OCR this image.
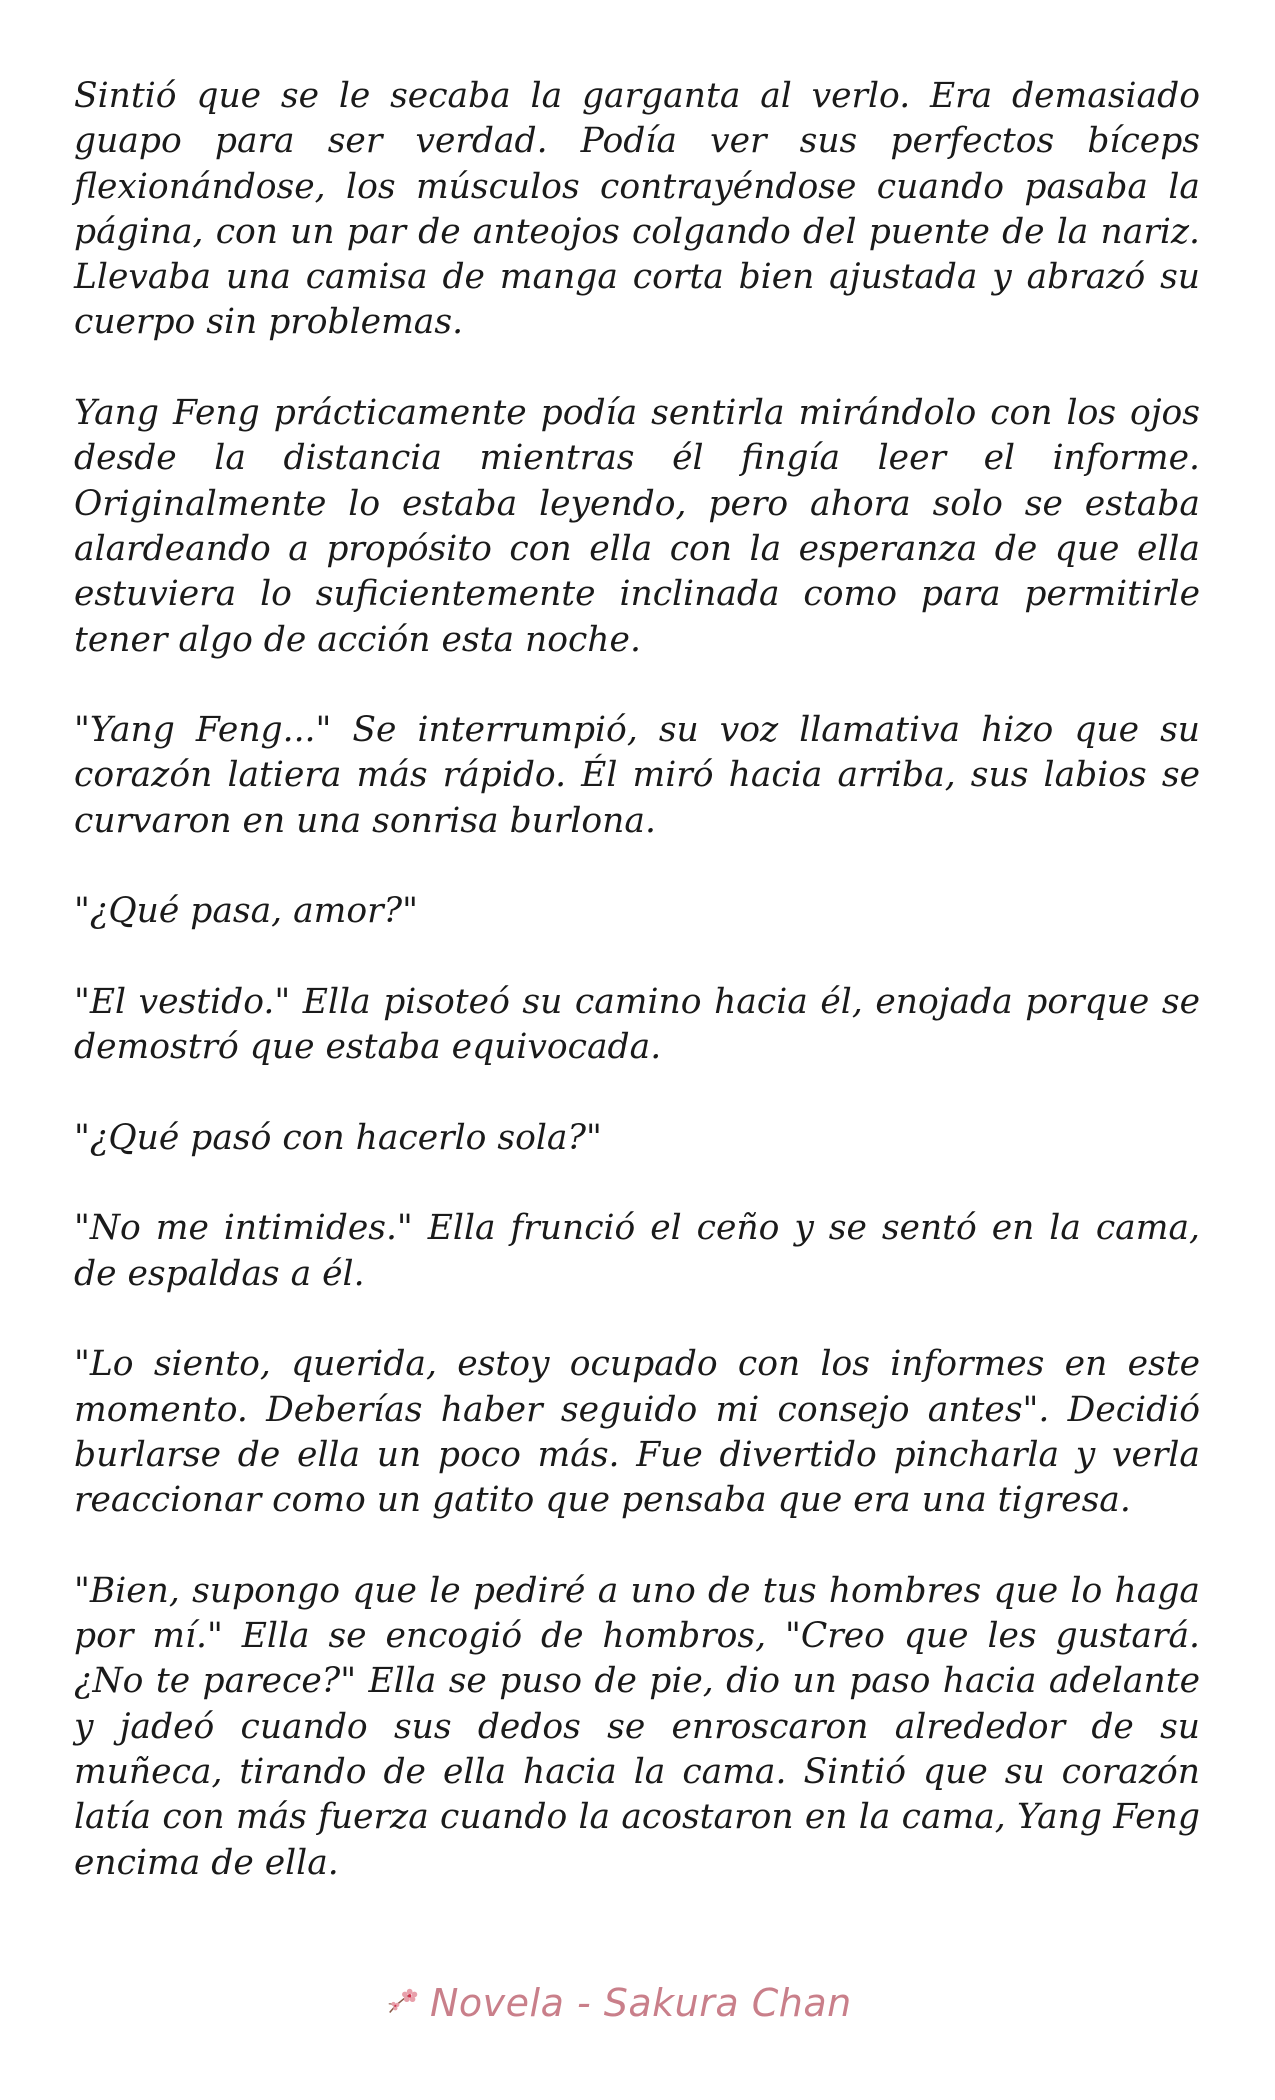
Sintió que se le secaba la garganta al verlo. Era demasiado guapo para ser verdad. Podía ver sus perfectos bíceps flexionándose, los músculos contrayéndose cuando pasaba la página, con un par de anteojos colgando del puente de la nariz. Llevaba una camisa de manga corta bien ajustada y abrazó su cuerpo sin problemas.

Yang Feng prácticamente podía sentirla mirándolo con los ojos desde la distancia mientras él fingía leer el informe. Originalmente lo estaba leyendo, pero ahora solo se estaba alardeando a propósito con ella con la esperanza de que ella estuviera lo suficientemente inclinada como para permitirle tener algo de acción esta noche.

"Yang Feng..." Se interrumpió, su voz llamativa hizo que su corazón latiera más rápido. Él miró hacia arriba, sus labios se curvaron en una sonrisa burlona.

"¿Qué pasa, amor?"

"El vestido." Ella pisoteó su camino hacia él, enojada porque se demostró que estaba equivocada.

"¿Qué pasó con hacerlo sola?"

"No me intimides." Ella frunció el ceño y se sentó en la cama, de espaldas a él.

"Lo siento, querida, estoy ocupado con los informes en este momento. Deberías haber seguido mi consejo antes". Decidió burlarse de ella un poco más. Fue divertido pincharla y verla reaccionar como un gatito que pensaba que era una tigresa.

"Bien, supongo que le pediré a uno de tus hombres que lo haga por mí." Ella se encogió de hombros, "Creo que les gustará. ¿No te parece?" Ella se puso de pie, dio un paso hacia adelante y jadeó cuando sus dedos se enroscaron alrededor de su muñeca, tirando de ella hacia la cama. Sintió que su corazón latía con más fuerza cuando la acostaron en la cama, Yang Feng encima de ella.

Novela - Sakura Chan
